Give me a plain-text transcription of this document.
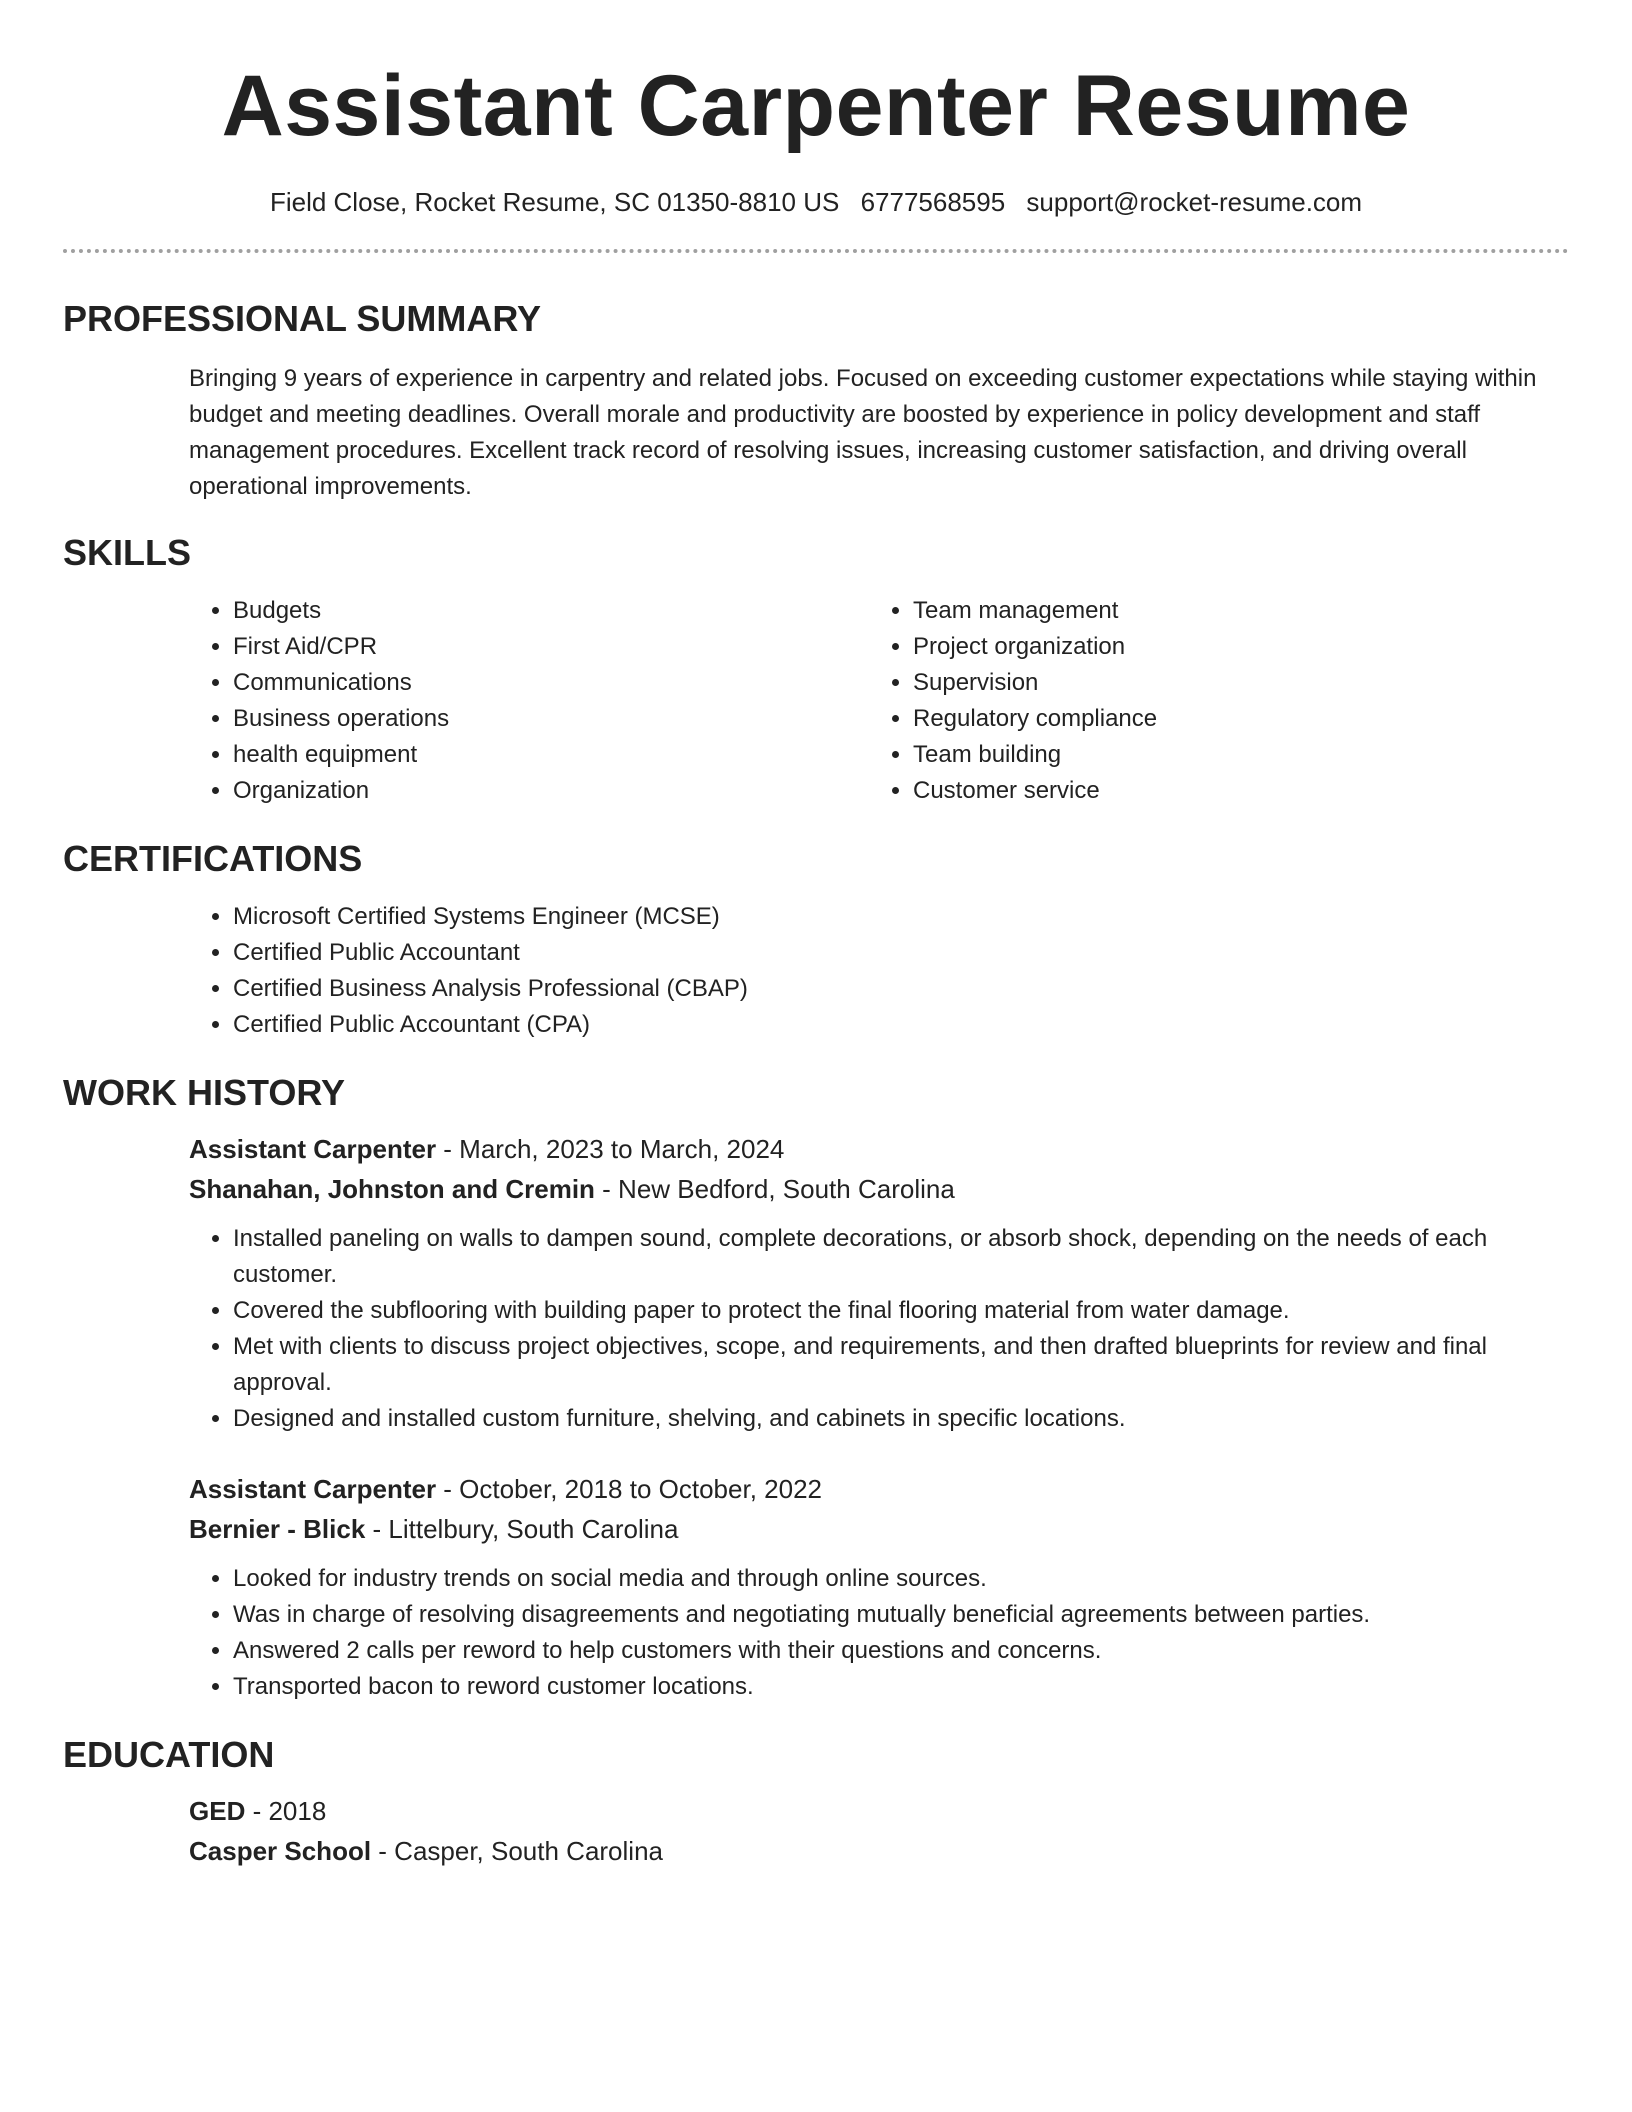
Assistant Carpenter Resume
Field Close, Rocket Resume, SC 01350-8810 US 6777568595 support@rocket-resume.com
PROFESSIONAL SUMMARY
Bringing 9 years of experience in carpentry and related jobs. Focused on exceeding customer expectations while staying within budget and meeting deadlines. Overall morale and productivity are boosted by experience in policy development and staff management procedures. Excellent track record of resolving issues, increasing customer satisfaction, and driving overall operational improvements.
SKILLS
• Budgets
• First Aid/CPR
• Communications
• Business operations
• health equipment
• Organization
• Team management
• Project organization
• Supervision
• Regulatory compliance
• Team building
• Customer service
CERTIFICATIONS
• Microsoft Certified Systems Engineer (MCSE)
• Certified Public Accountant
• Certified Business Analysis Professional (CBAP)
• Certified Public Accountant (CPA)
WORK HISTORY
Assistant Carpenter - March, 2023 to March, 2024
Shanahan, Johnston and Cremin - New Bedford, South Carolina
• Installed paneling on walls to dampen sound, complete decorations, or absorb shock, depending on the needs of each customer.
• Covered the subflooring with building paper to protect the final flooring material from water damage.
• Met with clients to discuss project objectives, scope, and requirements, and then drafted blueprints for review and final approval.
• Designed and installed custom furniture, shelving, and cabinets in specific locations.
Assistant Carpenter - October, 2018 to October, 2022
Bernier - Blick - Littelbury, South Carolina
• Looked for industry trends on social media and through online sources.
• Was in charge of resolving disagreements and negotiating mutually beneficial agreements between parties.
• Answered 2 calls per reword to help customers with their questions and concerns.
• Transported bacon to reword customer locations.
EDUCATION
GED - 2018
Casper School - Casper, South Carolina
